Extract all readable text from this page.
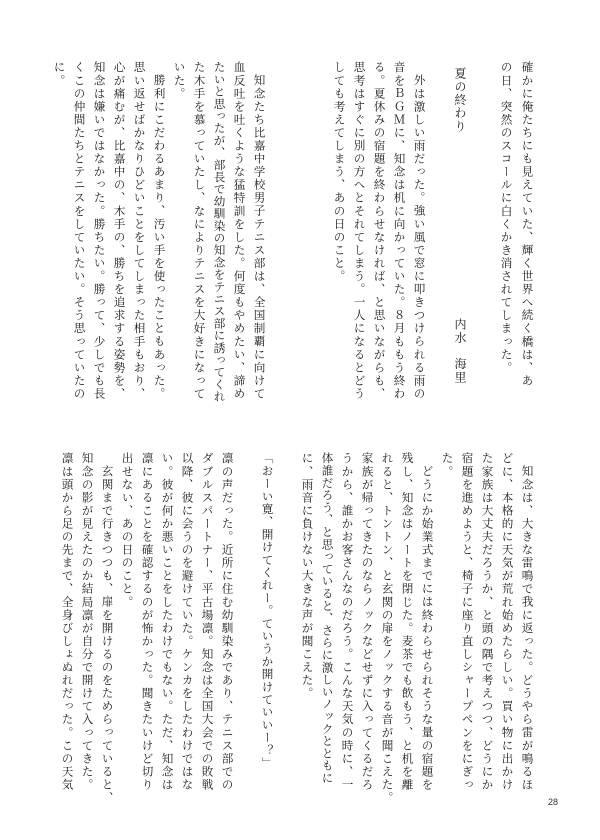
確かに俺たちにも見えていた、輝く世界へ続く橋は、あ

の日、突然のスコールに白くかき消されてしまった。

夏の終わり
内水　海里

外は激しい雨だった。強い風で窓に叩きつけられる雨の

音をＢＧＭに、知念は机に向かっていた。８月ももう終わ

る。夏休みの宿題を終わらせなければ、と思いながらも、

思考はすぐに別の方へとそれてしまう。一人になるとどう

しても考えてしまう、あの日のこと。

知念たち比嘉中学校男子テニス部は、全国制覇に向けて

血反吐を吐くような猛特訓をした。何度もやめたい、諦め

たいと思ったが、部長で幼馴染の知念をテニス部に誘ってくれ

た木手を慕っていたし、なによりテニスを大好きになって

いた。

勝利にこだわるあまり、汚い手を使ったこともあった。

思い返せばかなりひどいことをしてしまった相手もおり、

心が痛むが、比嘉中の、木手の、勝ちを追求する姿勢を、

知念は嫌いではなかった。勝ちたい。勝って、少しでも長

くこの仲間たちとテニスをしていたい。そう思っていたの

に。

知念は、大きな雷鳴で我に返った。どうやら雷が鳴るほ

どに、本格的に天気が荒れ始めたらしい。買い物に出かけ

た家族は大丈夫だろうか、と頭の隅で考えつつ、どうにか

宿題を進めようと、椅子に座り直しシャープペンをにぎっ

た。

どうにか始業式までには終わらせられそうな量の宿題を

残し、知念はノートを閉じた。麦茶でも飲もう、と机を離

れると、トントン、と玄関の扉をノックする音が聞こえた。

家族が帰ってきたのならノックなどせずに入ってくるだろ

うから、誰かお客さんなのだろう。こんな天気の時に、一

体誰だろう、と思っていると、さらに激しいノックとともに

に、雨音に負けない大きな声が聞こえた。

「おーい寛、開けてくれー。ていうか開けていいー？」

凛の声だった。近所に住む幼馴染みであり、テニス部での

ダブルスパートナー、平古場凛。知念は全国大会での敗戦

以降、彼に会うのを避けていた。ケンカをしたわけではな

い。彼が何か悪いことをしたわけでもない。ただ、知念は

凛にあることを確認するのが怖かった。聞きたいけど切り

出せない、あの日のこと。

玄関まで行きつつも、扉を開けるのをためらっていると、

知念の影が見えたのか結局凛が自分で開けて入ってきた。

凛は頭から足の先まで、全身びしょぬれだった。この天気

28
